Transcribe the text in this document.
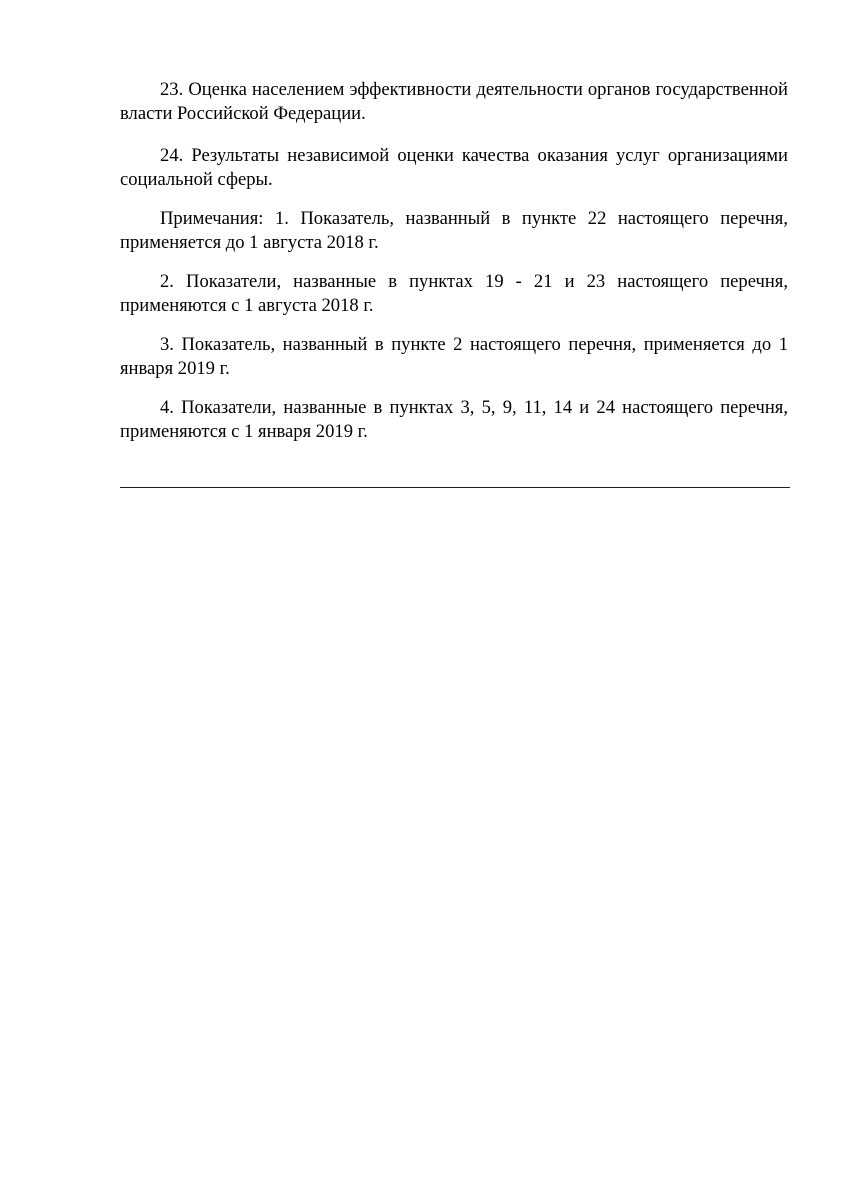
23. Оценка населением эффективности деятельности органов государственной власти Российской Федерации.

24. Результаты независимой оценки качества оказания услуг организациями социальной сферы.

Примечания: 1. Показатель, названный в пункте 22 настоящего перечня, применяется до 1 августа 2018 г.

2. Показатели, названные в пунктах 19 - 21 и 23 настоящего перечня, применяются с 1 августа 2018 г.

3. Показатель, названный в пункте 2 настоящего перечня, применяется до 1 января 2019 г.

4. Показатели, названные в пунктах 3, 5, 9, 11, 14 и 24 настоящего перечня, применяются с 1 января 2019 г.
